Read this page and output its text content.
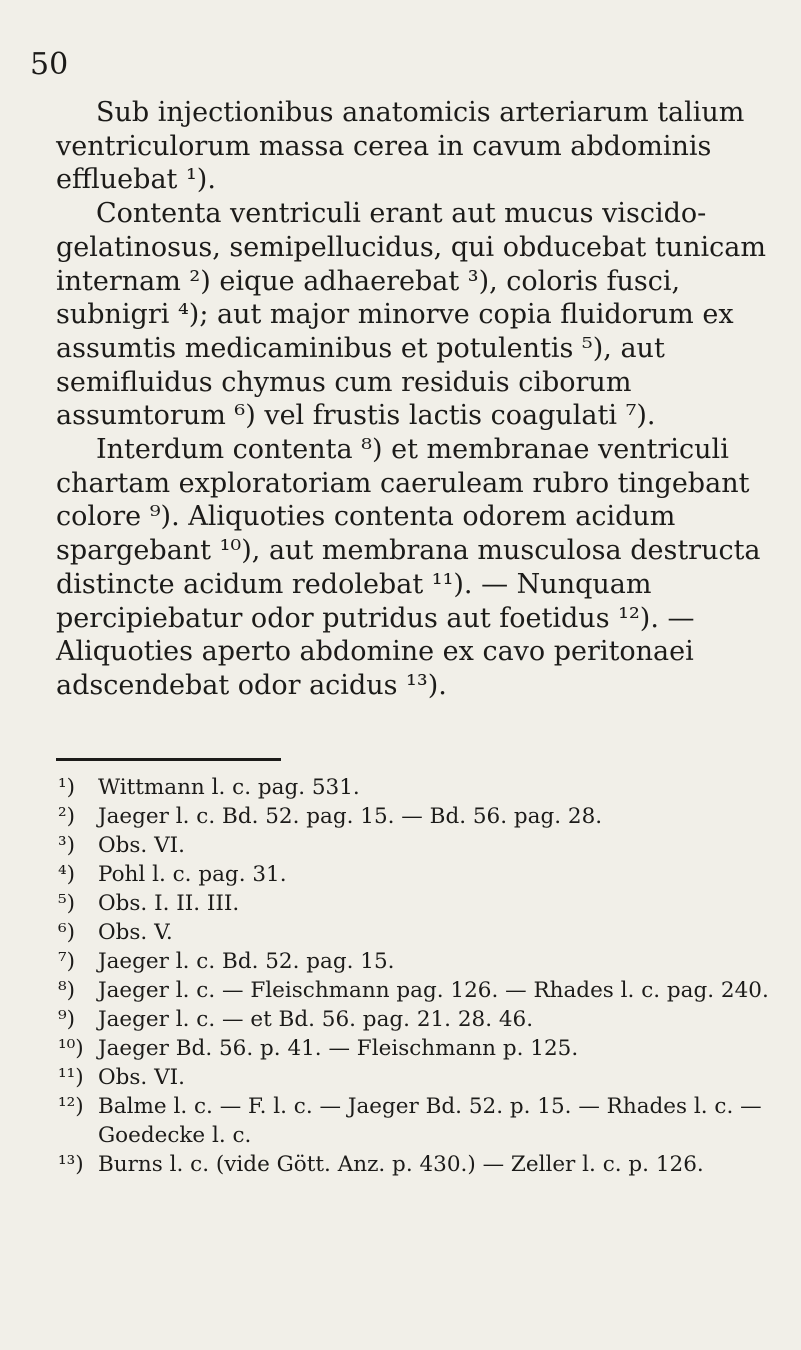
50

Sub injectionibus anatomicis arteriarum talium ventriculorum massa cerea in cavum abdominis effluebat ¹).

Contenta ventriculi erant aut mucus viscido-gelatinosus, semipellucidus, qui obducebat tunicam internam ²) eique adhaerebat ³), coloris fusci, subnigri ⁴); aut major minorve copia fluidorum ex assumtis medicaminibus et potulentis ⁵), aut semifluidus chymus cum residuis ciborum assumtorum ⁶) vel frustis lactis coagulati ⁷).

Interdum contenta ⁸) et membranae ventriculi chartam exploratoriam caeruleam rubro tingebant colore ⁹). Aliquoties contenta odorem acidum spargebant ¹⁰), aut membrana musculosa destructa distincte acidum redolebat ¹¹). — Nunquam percipiebatur odor putridus aut foetidus ¹²). — Aliquoties aperto abdomine ex cavo peritonaei adscendebat odor acidus ¹³).

¹)	Wittmann l. c. pag. 531.
²)	Jaeger l. c. Bd. 52. pag. 15. — Bd. 56. pag. 28.
³)	Obs. VI.
⁴)	Pohl l. c. pag. 31.
⁵)	Obs. I. II. III.
⁶)	Obs. V.
⁷)	Jaeger l. c. Bd. 52. pag. 15.
⁸)	Jaeger l. c. — Fleischmann pag. 126. — Rhades l. c. pag. 240.
⁹)	Jaeger l. c. — et Bd. 56. pag. 21. 28. 46.
¹⁰) Jaeger Bd. 56. p. 41. — Fleischmann p. 125.
¹¹) Obs. VI.
¹²) Balme l. c. — F. l. c. — Jaeger Bd. 52. p. 15. — Rhades l. c. — Goedecke l. c.
¹³) Burns l. c. (vide Gött. Anz. p. 430.) — Zeller l. c. p. 126.
